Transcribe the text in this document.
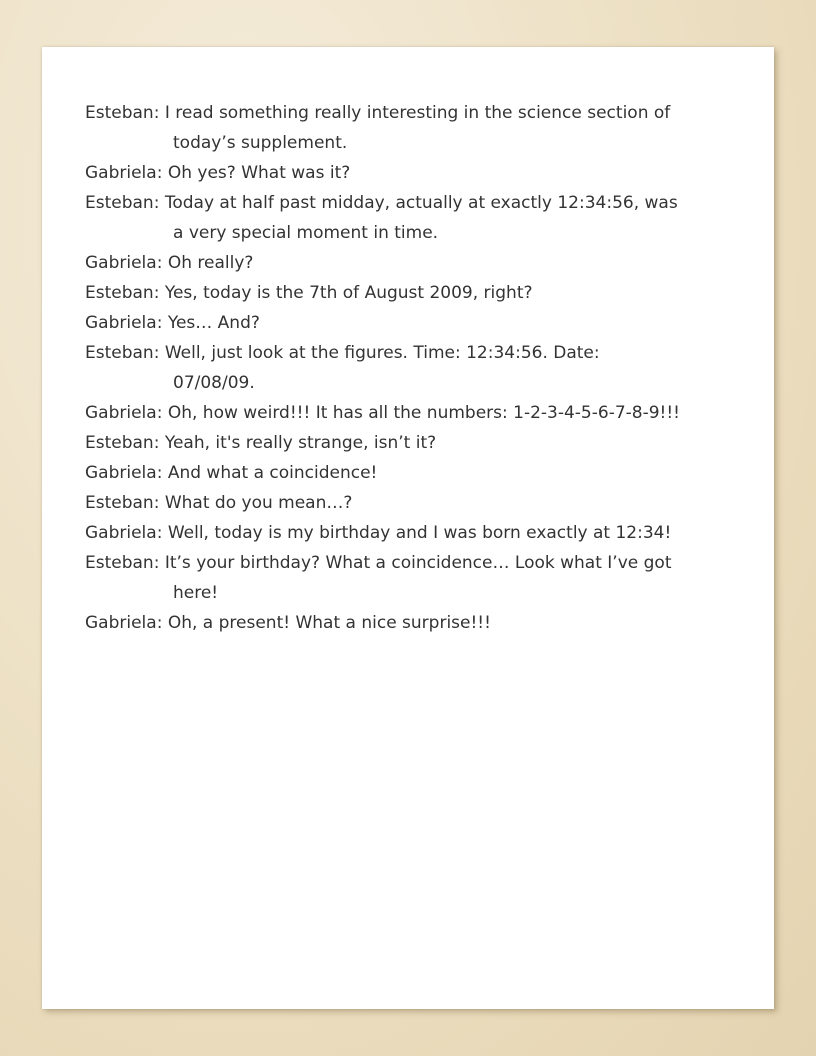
Esteban: I read something really interesting in the science section of
today’s supplement.
Gabriela: Oh yes? What was it?
Esteban: Today at half past midday, actually at exactly 12:34:56, was
a very special moment in time.
Gabriela: Oh really?
Esteban: Yes, today is the 7th of August 2009, right?
Gabriela: Yes… And?
Esteban: Well, just look at the figures. Time: 12:34:56. Date:
07/08/09.
Gabriela: Oh, how weird!!! It has all the numbers: 1-2-3-4-5-6-7-8-9!!!
Esteban: Yeah, it's really strange, isn’t it?
Gabriela: And what a coincidence!
Esteban: What do you mean…?
Gabriela: Well, today is my birthday and I was born exactly at 12:34!
Esteban: It’s your birthday? What a coincidence… Look what I’ve got
here!
Gabriela: Oh, a present! What a nice surprise!!!
